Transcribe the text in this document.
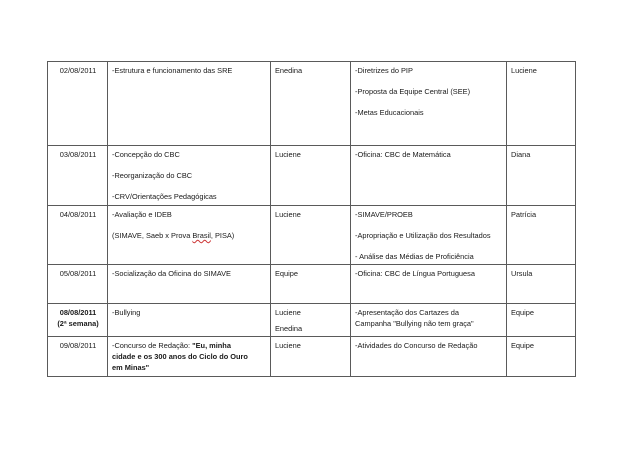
02/08/2011	-Estrutura e funcionamento das SRE	Enedina	-Diretrizes do PIP
-Proposta da Equipe Central (SEE)
-Metas Educacionais	Luciene
03/08/2011	-Concepção do CBC
-Reorganização do CBC
-CRV/Orientações Pedagógicas	Luciene	-Oficina: CBC de Matemática	Diana
04/08/2011	-Avaliação e IDEB
(SIMAVE, Saeb x Prova Brasil, PISA)	Luciene	-SIMAVE/PROEB
-Apropriação e Utilização dos Resultados
- Análise das Médias de Proficiência	Patrícia
05/08/2011	-Socialização da Oficina do SIMAVE	Equipe	-Oficina: CBC de Língua Portuguesa	Ursula

08/08/2011
(2ª semana)	-Bullying	Luciene
Enedina	-Apresentação dos Cartazes da
Campanha "Bullying não tem graça"	Equipe
09/08/2011	-Concurso de Redação: "Eu, minha
cidade e os 300 anos do Ciclo do Ouro
em Minas"	Luciene	-Atividades do Concurso de Redação	Equipe
